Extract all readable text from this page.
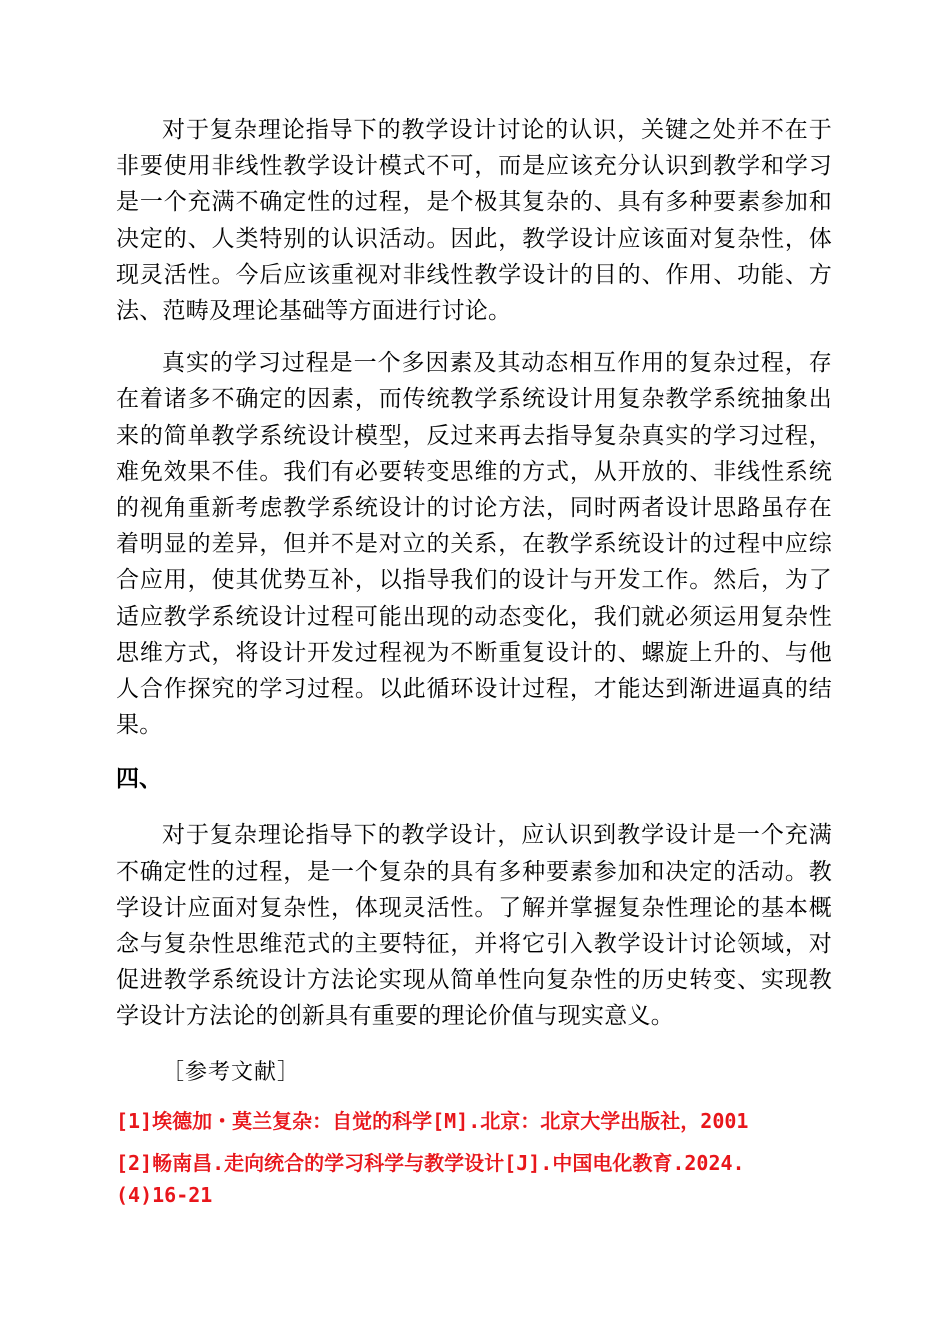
对于复杂理论指导下的教学设计讨论的认识，关键之处并不在于非要使用非线性教学设计模式不可，而是应该充分认识到教学和学习是一个充满不确定性的过程，是个极其复杂的、具有多种要素参加和决定的、人类特别的认识活动。因此，教学设计应该面对复杂性，体现灵活性。今后应该重视对非线性教学设计的目的、作用、功能、方法、范畴及理论基础等方面进行讨论。

真实的学习过程是一个多因素及其动态相互作用的复杂过程，存在着诸多不确定的因素，而传统教学系统设计用复杂教学系统抽象出来的简单教学系统设计模型，反过来再去指导复杂真实的学习过程，难免效果不佳。我们有必要转变思维的方式，从开放的、非线性系统的视角重新考虑教学系统设计的讨论方法，同时两者设计思路虽存在着明显的差异，但并不是对立的关系，在教学系统设计的过程中应综合应用，使其优势互补，以指导我们的设计与开发工作。然后，为了适应教学系统设计过程可能出现的动态变化，我们就必须运用复杂性思维方式，将设计开发过程视为不断重复设计的、螺旋上升的、与他人合作探究的学习过程。以此循环设计过程，才能达到渐进逼真的结果。

四、

对于复杂理论指导下的教学设计，应认识到教学设计是一个充满不确定性的过程，是一个复杂的具有多种要素参加和决定的活动。教学设计应面对复杂性，体现灵活性。了解并掌握复杂性理论的基本概念与复杂性思维范式的主要特征，并将它引入教学设计讨论领域，对促进教学系统设计方法论实现从简单性向复杂性的历史转变、实现教学设计方法论的创新具有重要的理论价值与现实意义。

［参考文献］
[1]埃德加・莫兰复杂：自觉的科学[M].北京：北京大学出版社，2001
[2]畅南昌.走向统合的学习科学与教学设计[J].中国电化教育.2024.(4)16-21
